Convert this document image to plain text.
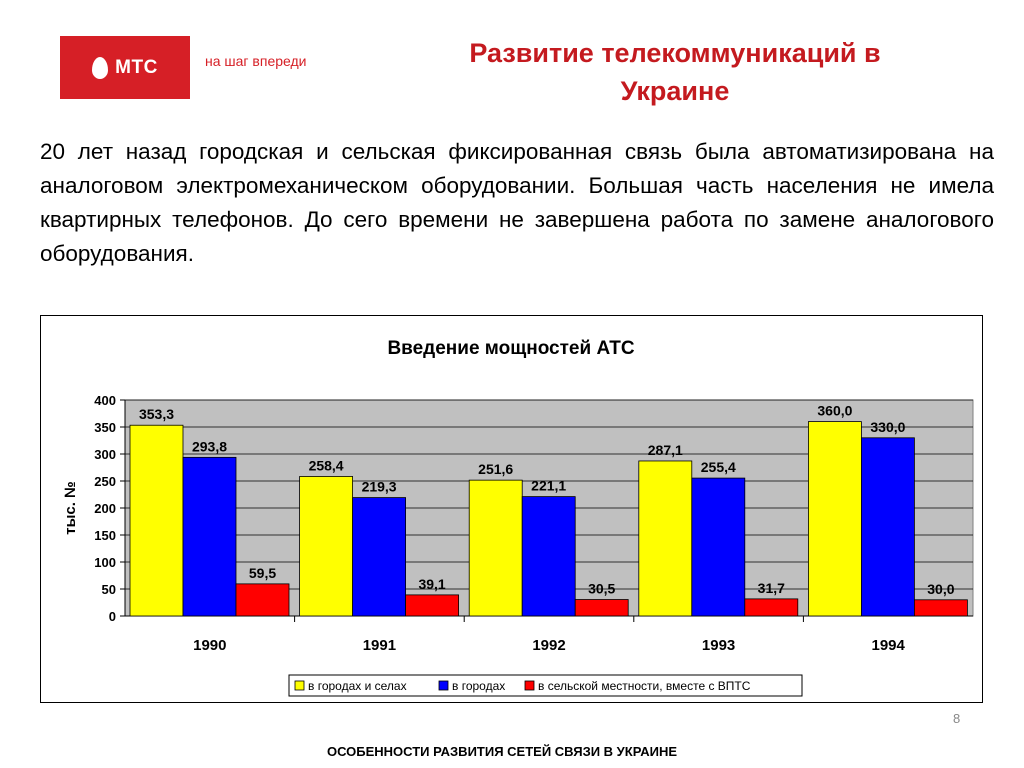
МТС	на шаг впереди	Развитие телекоммуникаций в Украине
20 лет назад городская и сельская фиксированная связь была автоматизирована на аналоговом электромеханическом оборудовании. Большая часть населения не имела квартирных телефонов. До сего времени не завершена работа по замене аналогового оборудования.
Введение мощностей АТС
0
50
100
150
200
250
300
350
400
тыс. №
353,3
293,8
59,5
1990
258,4
219,3
39,1
1991
251,6
221,1
30,5
1992
287,1
255,4
31,7
1993
360,0
330,0
30,0
1994
в городах и селах	в городах	в сельской местности, вместе с ВПТС
8
ОСОБЕННОСТИ РАЗВИТИЯ СЕТЕЙ СВЯЗИ В УКРАИНЕ
